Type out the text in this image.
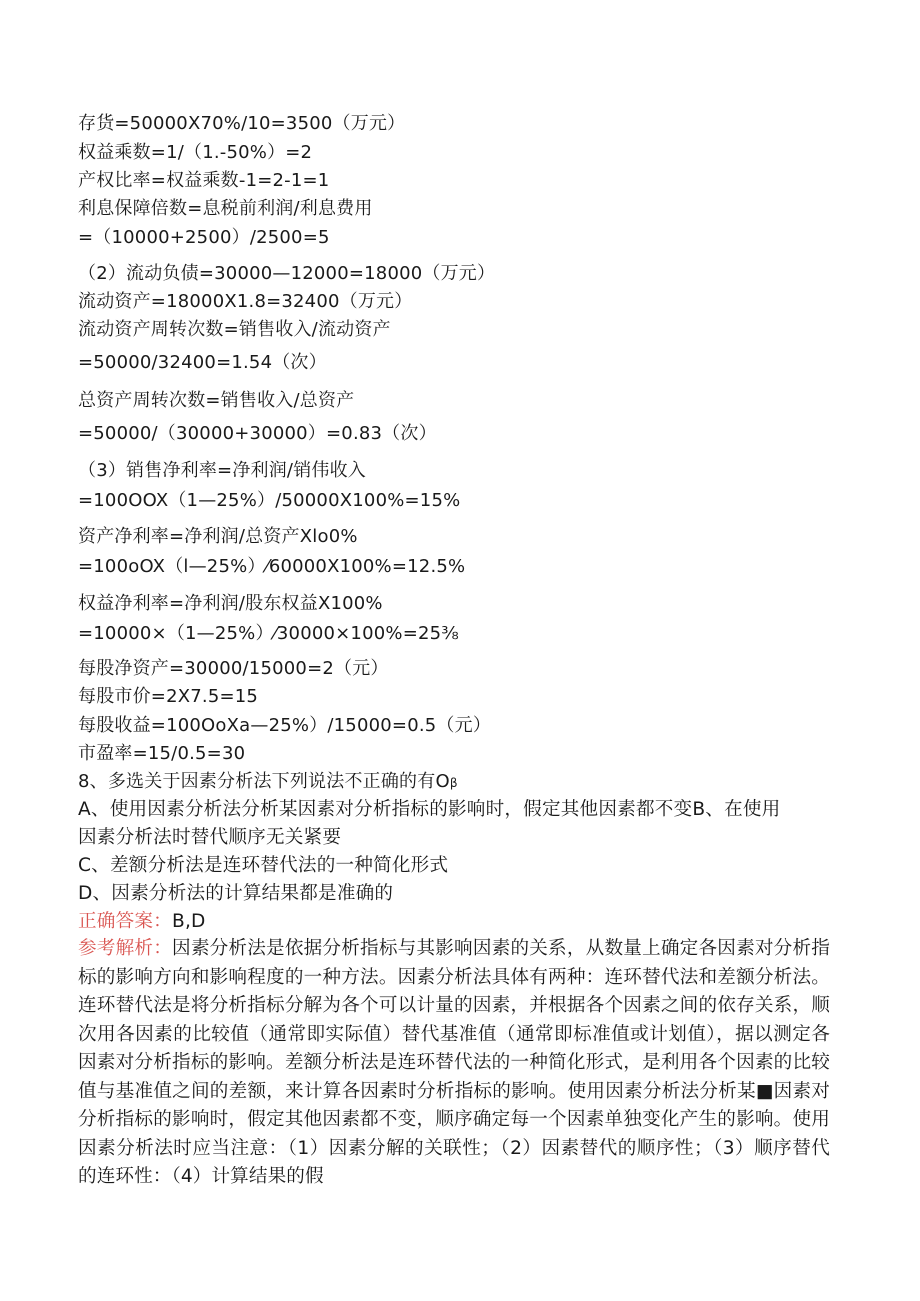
存货=50000X70%/10=3500（万元）
权益乘数=1/（1.-50%）=2
产权比率=权益乘数-1=2-1=1
利息保障倍数=息税前利润/利息费用
=（10000+2500）/2500=5
（2）流动负债=30000—12000=18000（万元）
流动资产=18000X1.8=32400（万元）
流动资产周转次数=销售收入/流动资产
=50000/32400=1.54（次）
总资产周转次数=销售收入/总资产
=50000/（30000+30000）=0.83（次）
（3）销售净利率=净利润/销伟收入
=100OOX（1—25%）/50000X100%=15%
资产净利率=净利润/总资产Xlo0%
=100oOX（l—25%）⁄60000X100%=12.5%
权益净利率=净利润/股东权益X100%
=10000×（1—25%）⁄30000×100%=25⅜
每股净资产=30000/15000=2（元）
每股市价=2X7.5=15
每股收益=100OoXa—25%）/15000=0.5（元）
市盈率=15/0.5=30
8、多选关于因素分析法下列说法不正确的有Oβ
A、使用因素分析法分析某因素对分析指标的影响时，假定其他因素都不变B、在使用
因素分析法时替代顺序无关紧要
C、差额分析法是连环替代法的一种简化形式
D、因素分析法的计算结果都是准确的
正确答案：B,D
参考解析：因素分析法是依据分析指标与其影响因素的关系，从数量上确定各因素对分析指标的影响方向和影响程度的一种方法。因素分析法具体有两种：连环替代法和差额分析法。连环替代法是将分析指标分解为各个可以计量的因素，并根据各个因素之间的依存关系，顺次用各因素的比较值（通常即实际值）替代基准值（通常即标准值或计划值），据以测定各因素对分析指标的影响。差额分析法是连环替代法的一种简化形式，是利用各个因素的比较值与基准值之间的差额，来计算各因素时分析指标的影响。使用因素分析法分析某■因素对分析指标的影响时，假定其他因素都不变，顺序确定每一个因素单独变化产生的影响。使用因素分析法时应当注意：（1）因素分解的关联性；（2）因素替代的顺序性；（3）顺序替代的连环性：（4）计算结果的假
